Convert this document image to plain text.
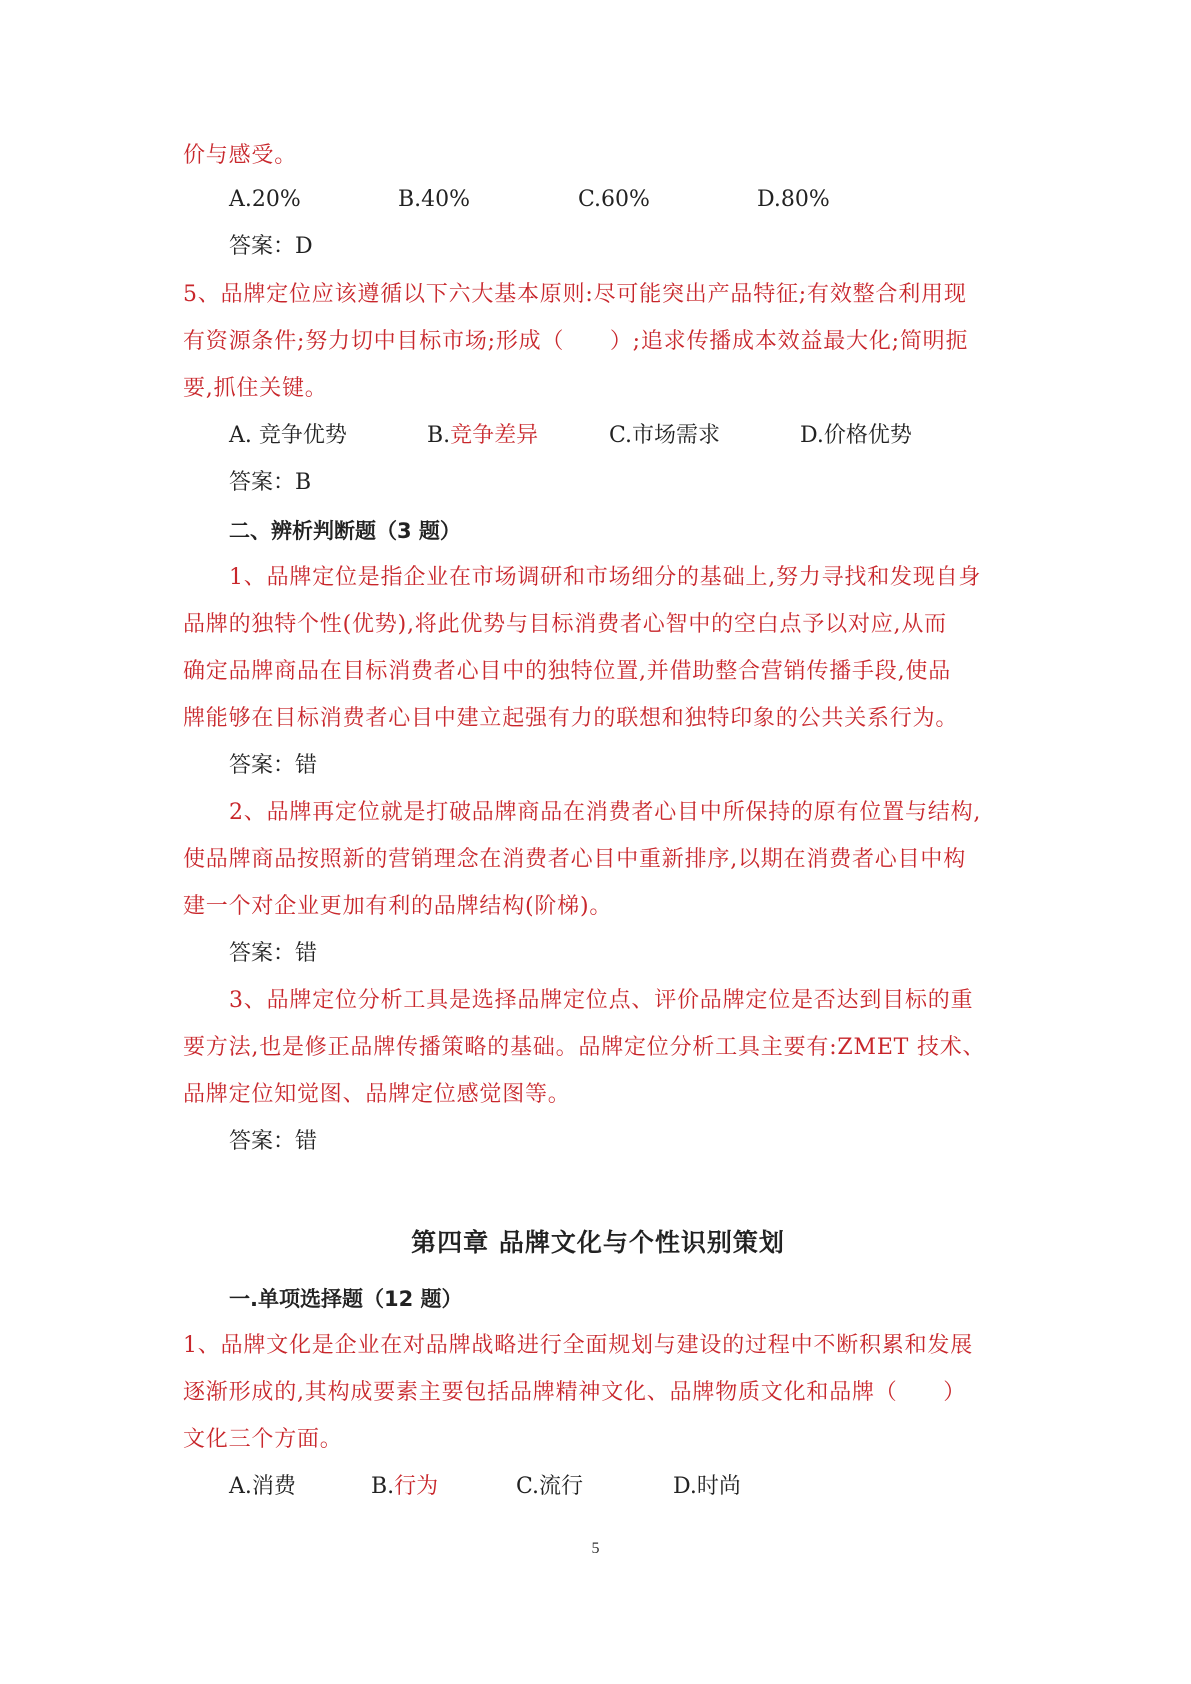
价与感受。
A.20%	B.40%	C.60%	D.80%
答案：D
5、品牌定位应该遵循以下六大基本原则:尽可能突出产品特征;有效整合利用现
有资源条件;努力切中目标市场;形成（　　）;追求传播成本效益最大化;简明扼
要,抓住关键。
A. 竞争优势	B.竞争差异	C.市场需求	D.价格优势
答案：B
二、辨析判断题（3 题）
1、品牌定位是指企业在市场调研和市场细分的基础上,努力寻找和发现自身
品牌的独特个性(优势),将此优势与目标消费者心智中的空白点予以对应,从而
确定品牌商品在目标消费者心目中的独特位置,并借助整合营销传播手段,使品
牌能够在目标消费者心目中建立起强有力的联想和独特印象的公共关系行为。
答案：错
2、品牌再定位就是打破品牌商品在消费者心目中所保持的原有位置与结构,
使品牌商品按照新的营销理念在消费者心目中重新排序,以期在消费者心目中构
建一个对企业更加有利的品牌结构(阶梯)。
答案：错
3、品牌定位分析工具是选择品牌定位点、评价品牌定位是否达到目标的重
要方法,也是修正品牌传播策略的基础。品牌定位分析工具主要有:ZMET 技术、
品牌定位知觉图、品牌定位感觉图等。
答案：错
第四章 品牌文化与个性识别策划
一.单项选择题（12 题）
1、品牌文化是企业在对品牌战略进行全面规划与建设的过程中不断积累和发展
逐渐形成的,其构成要素主要包括品牌精神文化、品牌物质文化和品牌（　　）
文化三个方面。
A.消费	B.行为	C.流行	D.时尚
5
